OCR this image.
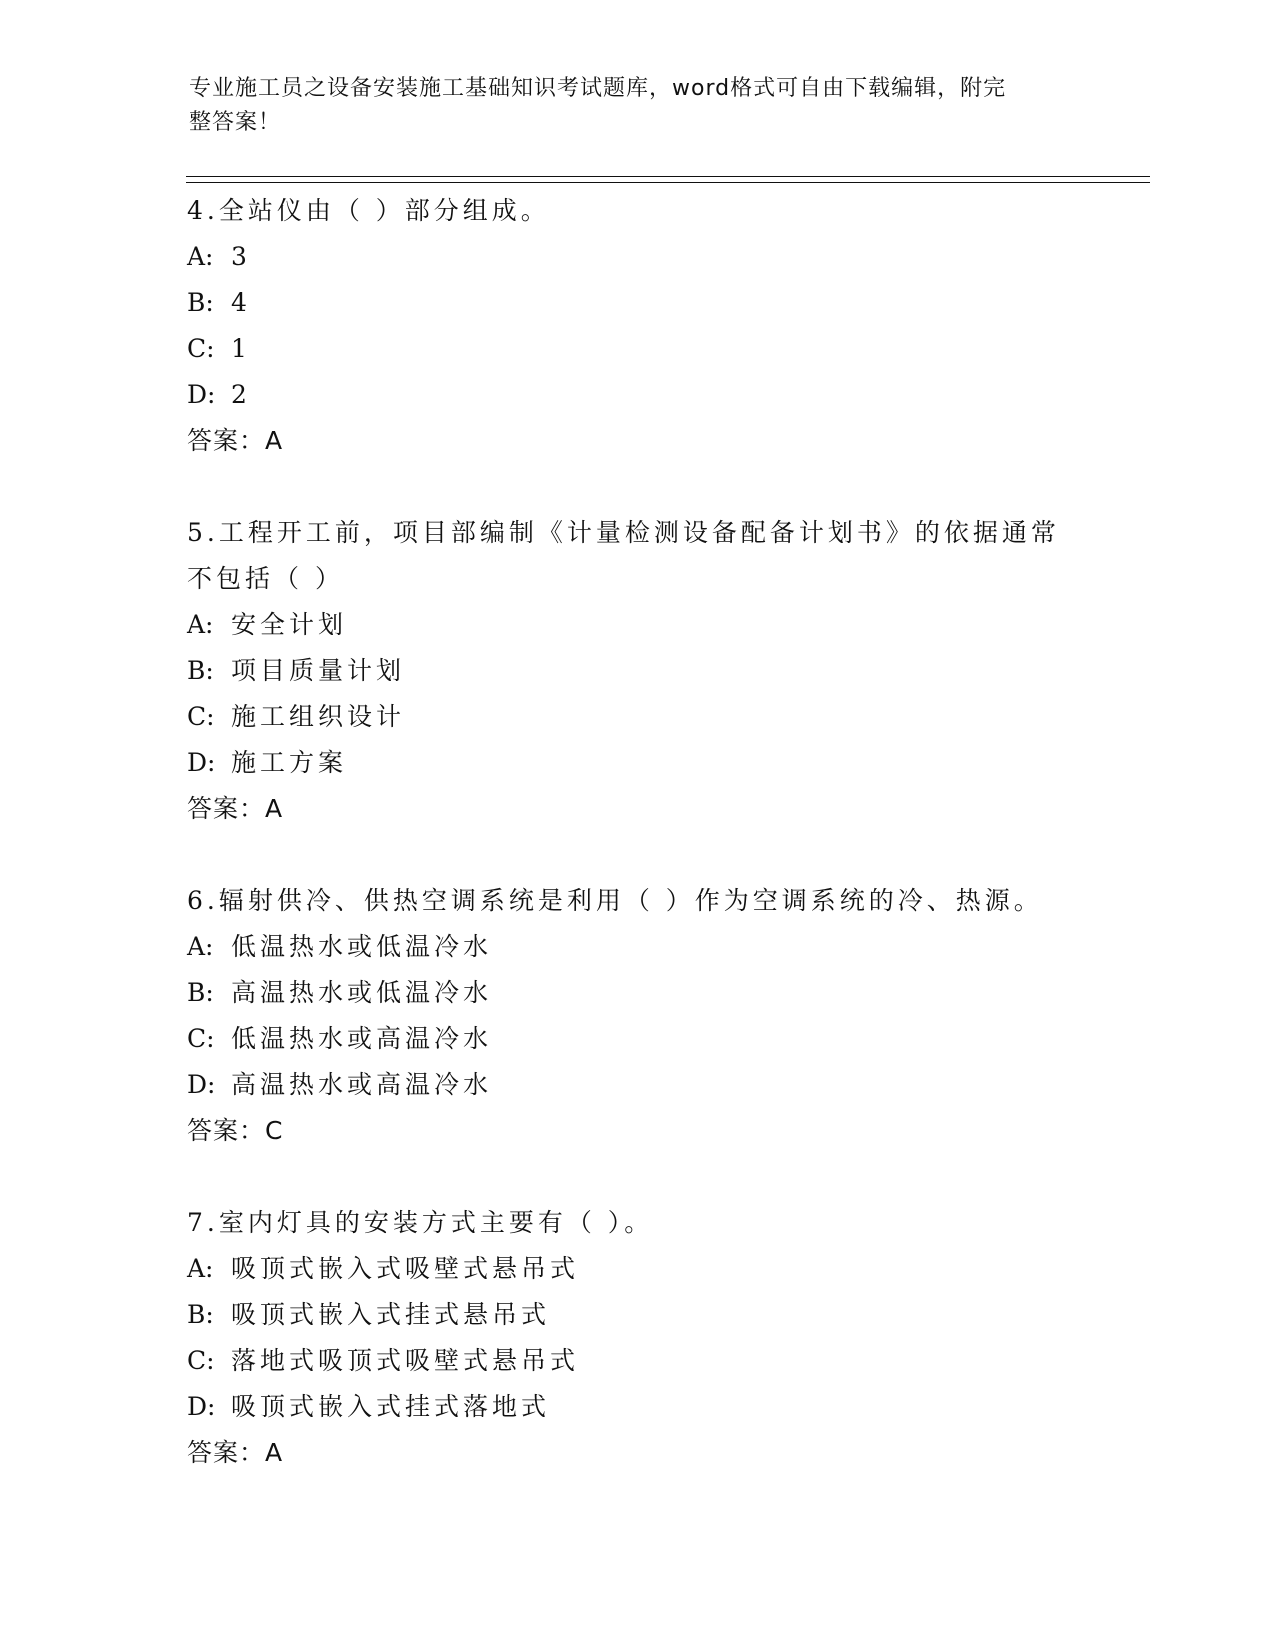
专业施工员之设备安装施工基础知识考试题库，word格式可自由下载编辑，附完
整答案！
4.全站仪由（ ）部分组成。
A: 3
B: 4
C: 1
D: 2
答案：A
5.工程开工前，项目部编制《计量检测设备配备计划书》的依据通常不包括（ ）
A: 安全计划
B: 项目质量计划
C: 施工组织设计
D: 施工方案
答案：A
6.辐射供冷、供热空调系统是利用（ ）作为空调系统的冷、热源。
A: 低温热水或低温冷水
B: 高温热水或低温冷水
C: 低温热水或高温冷水
D: 高温热水或高温冷水
答案：C
7.室内灯具的安装方式主要有（ ）。
A: 吸顶式嵌入式吸壁式悬吊式
B: 吸顶式嵌入式挂式悬吊式
C: 落地式吸顶式吸壁式悬吊式
D: 吸顶式嵌入式挂式落地式
答案：A
